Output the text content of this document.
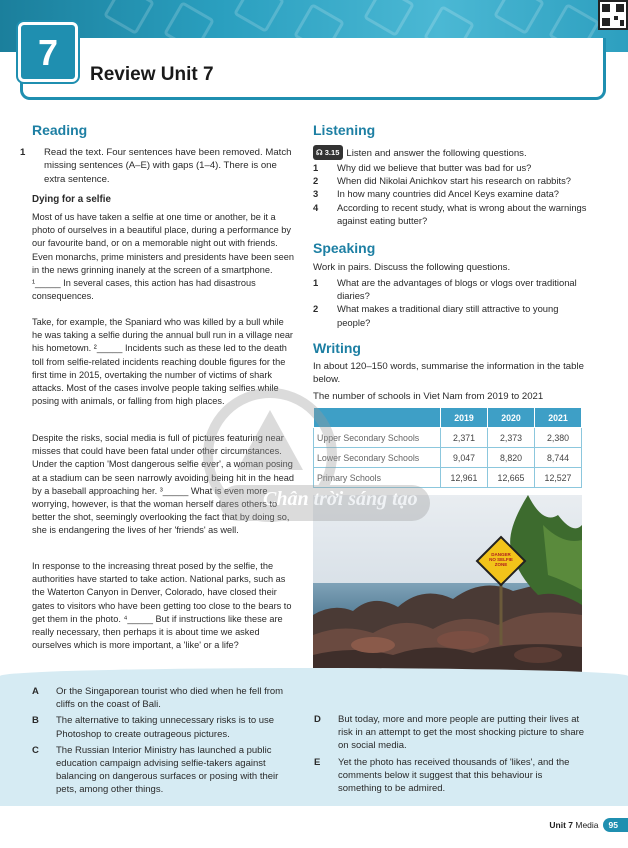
7
Review Unit 7
Reading
1 Read the text. Four sentences have been removed. Match missing sentences (A–E) with gaps (1–4). There is one extra sentence.
Dying for a selfie
Most of us have taken a selfie at one time or another, be it a photo of ourselves in a beautiful place, during a performance by our favourite band, or on a memorable night out with friends. Even monarchs, prime ministers and presidents have been seen in the news grinning inanely at the screen of a smartphone. ¹_____ In several cases, this action has had disastrous consequences.
Take, for example, the Spaniard who was killed by a bull while he was taking a selfie during the annual bull run in a village near his hometown. ²_____ Incidents such as these led to the death toll from selfie-related incidents reaching double figures for the first time in 2015, overtaking the number of victims of shark attacks. Most of the cases involve people taking selfies while posing with animals, or falling from high places.
Despite the risks, social media is full of pictures featuring near misses that could have been fatal under other circumstances. Under the caption 'Most dangerous selfie ever', a woman posing at a stadium can be seen narrowly avoiding being hit in the head by a baseball approaching her. ³_____ What is even more worrying, however, is that the woman herself dares others to better the shot, seemingly overlooking the fact that by doing so, she is endangering the lives of her 'friends' as well.
In response to the increasing threat posed by the selfie, the authorities have started to take action. National parks, such as the Waterton Canyon in Denver, Colorado, have closed their gates to visitors who have been getting too close to the bears to get them in the photo. ⁴_____ But if instructions like these are really necessary, then perhaps it is about time we asked ourselves which is more important, a 'like' or a life?
Listening
☊ 3.15 Listen and answer the following questions.
1 Why did we believe that butter was bad for us?
2 When did Nikolai Anichkov start his research on rabbits?
3 In how many countries did Ancel Keys examine data?
4 According to recent study, what is wrong about the warnings against eating butter?
Speaking
Work in pairs. Discuss the following questions.
1 What are the advantages of blogs or vlogs over traditional diaries?
2 What makes a traditional diary still attractive to young people?
Writing
In about 120–150 words, summarise the information in the table below.
The number of schools in Viet Nam from 2019 to 2021
	2019	2020	2021
Upper Secondary Schools	2,371	2,373	2,380
Lower Secondary Schools	9,047	8,820	8,744
Primary Schools	12,961	12,665	12,527
DANGER
NO SELFIE ZONE
Chân trời sáng tạo
A Or the Singaporean tourist who died when he fell from cliffs on the coast of Bali.
B The alternative to taking unnecessary risks is to use Photoshop to create outrageous pictures.
C The Russian Interior Ministry has launched a public education campaign advising selfie-takers against balancing on dangerous surfaces or posing with their pets, among other things.
D But today, more and more people are putting their lives at risk in an attempt to get the most shocking picture to share on social media.
E Yet the photo has received thousands of 'likes', and the comments below it suggest that this behaviour is something to be admired.
Unit 7 Media 95
